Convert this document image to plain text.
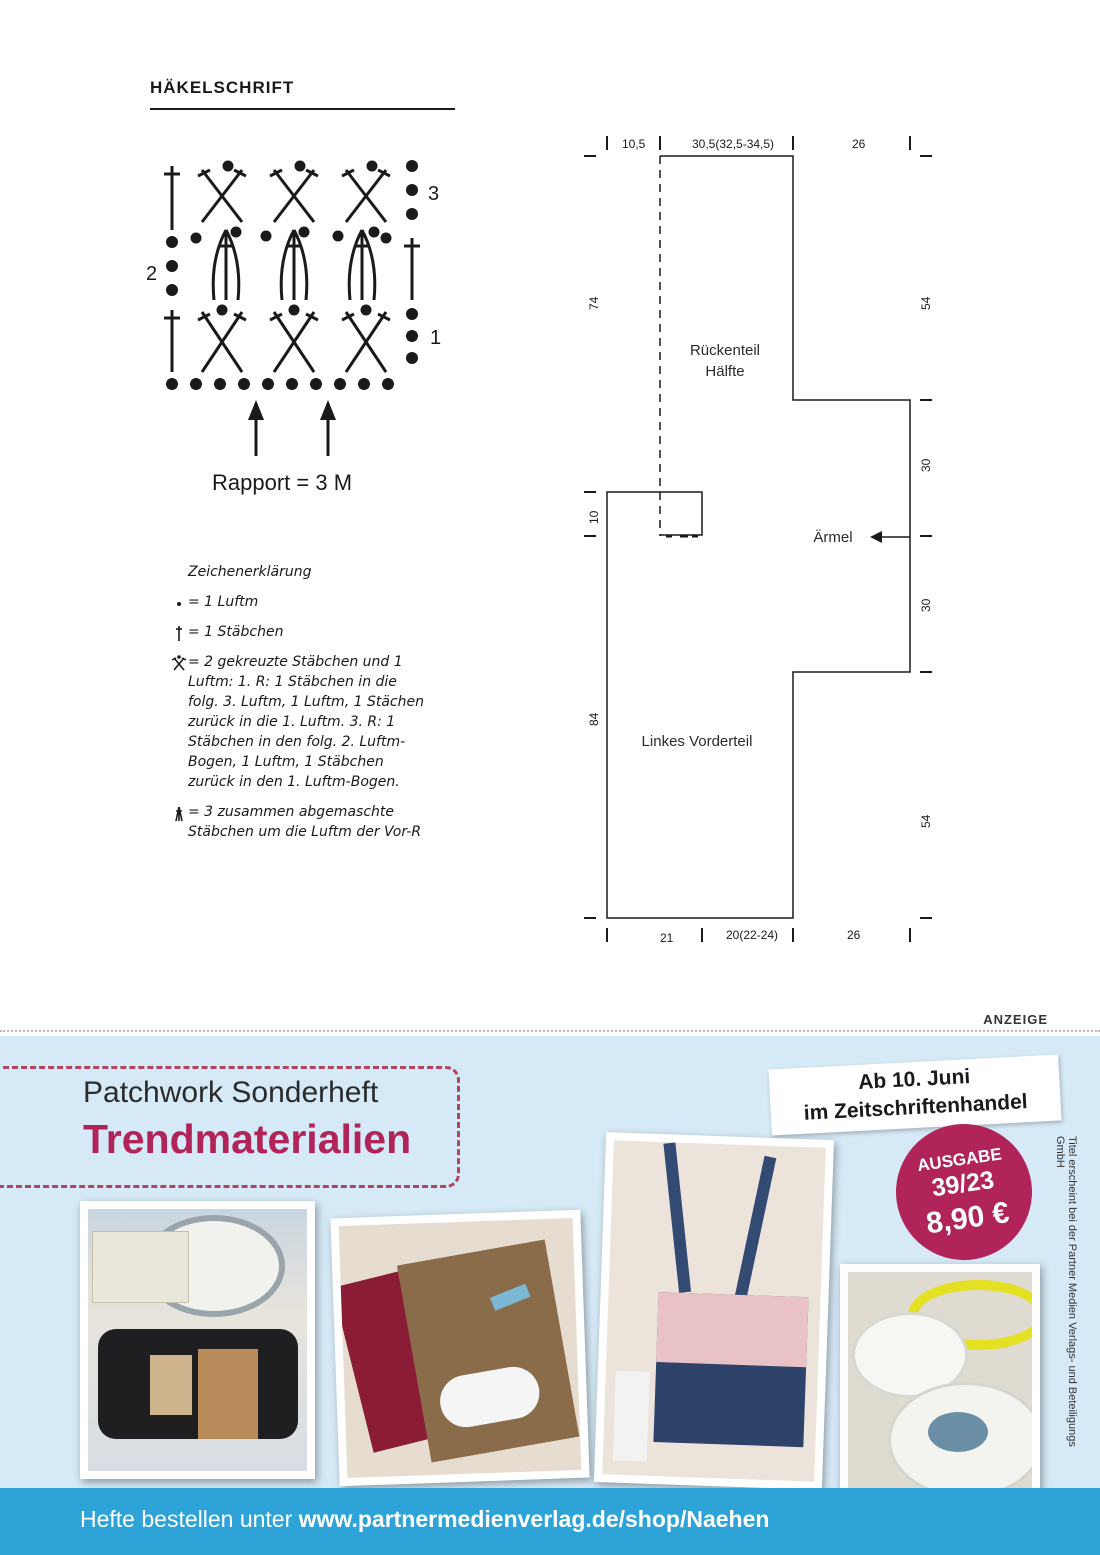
HÄKELSCHRIFT
3
2
1
Rapport = 3 M
Zeichenerklärung
= 1 Luftm
= 1 Stäbchen
= 2 gekreuzte Stäbchen und 1 Luftm: 1. R: 1 Stäbchen in die folg. 3. Luftm, 1 Luftm, 1 Stächen zurück in die 1. Luftm. 3. R: 1 Stäbchen in den folg. 2. Luftm-Bogen, 1 Luftm, 1 Stäbchen zurück in den 1. Luftm-Bogen.
= 3 zusammen abgemaschte Stäbchen um die Luftm der Vor-R
10,5	30,5(32,5-34,5)	26
21	20(22-24)	26
74
10
84
54
30
30
54
Rückenteil
Hälfte
Ärmel
Linkes Vorderteil
ANZEIGE
Patchwork Sonderheft
Trendmaterialien
Ab 10. Juni
im Zeitschriftenhandel
AUSGABE
39/23
8,90 €	Titel erscheint bei der Partner Medien Verlags- und Beteiligungs GmbH
Hefte bestellen unter www.partnermedienverlag.de/shop/Naehen
